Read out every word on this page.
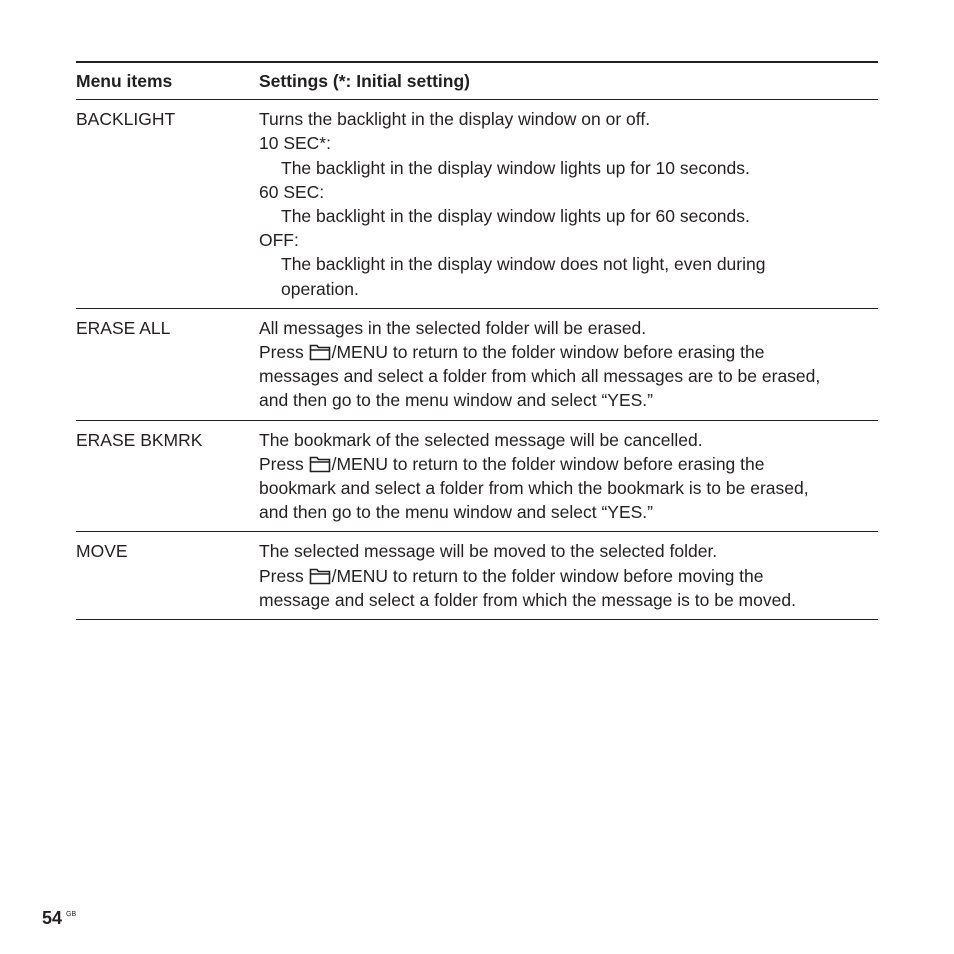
Menu items	Settings (*: Initial setting)
BACKLIGHT	Turns the backlight in the display window on or off.
10 SEC*:
The backlight in the display window lights up for 10 seconds.
60 SEC:
The backlight in the display window lights up for 60 seconds.
OFF:
The backlight in the display window does not light, even during
operation.
ERASE ALL	All messages in the selected folder will be erased.
Press /MENU to return to the folder window before erasing the
messages and select a folder from which all messages are to be erased,
and then go to the menu window and select “YES.”
ERASE BKMRK	The bookmark of the selected message will be cancelled.
Press /MENU to return to the folder window before erasing the
bookmark and select a folder from which the bookmark is to be erased,
and then go to the menu window and select “YES.”
MOVE	The selected message will be moved to the selected folder.
Press /MENU to return to the folder window before moving the
message and select a folder from which the message is to be moved.
54 GB
